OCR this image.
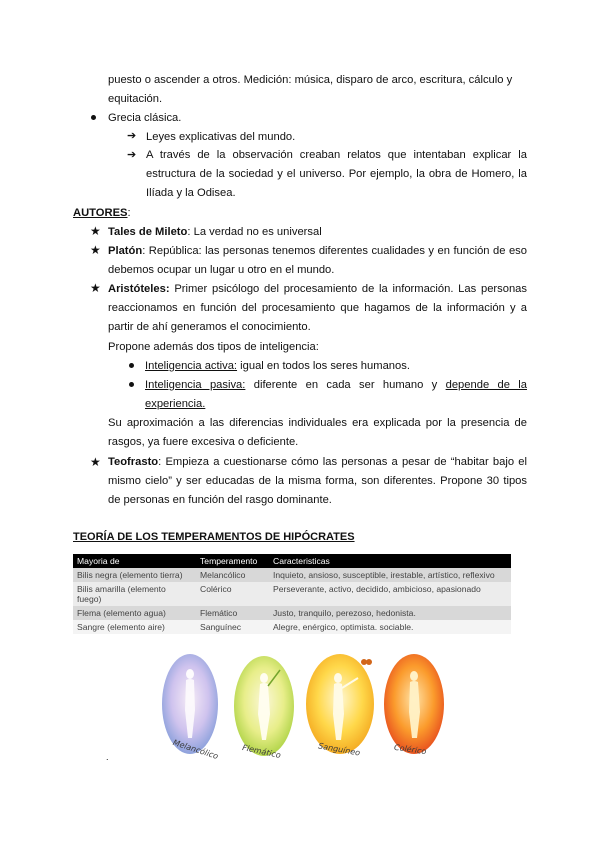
puesto o ascender a otros. Medición: música, disparo de arco, escritura, cálculo y
equitación.
Grecia clásica.
➔ Leyes explicativas del mundo.
➔ A través de la observación creaban relatos que intentaban explicar la estructura de la sociedad y el universo. Por ejemplo, la obra de Homero, la Ilíada y la Odisea.
AUTORES:
★ Tales de Mileto: La verdad no es universal
★ Platón: República: las personas tenemos diferentes cualidades y en función de eso debemos ocupar un lugar u otro en el mundo.
★ Aristóteles: Primer psicólogo del procesamiento de la información. Las personas reaccionamos en función del procesamiento que hagamos de la información y a partir de ahí generamos el conocimiento.
Propone además dos tipos de inteligencia:
Inteligencia activa: igual en todos los seres humanos.
Inteligencia pasiva: diferente en cada ser humano y depende de la experiencia.
Su aproximación a las diferencias individuales era explicada por la presencia de rasgos, ya fuere excesiva o deficiente.
★ Teofrasto: Empieza a cuestionarse cómo las personas a pesar de “habitar bajo el mismo cielo” y ser educadas de la misma forma, son diferentes. Propone 30 tipos de personas en función del rasgo dominante.
TEORÍA DE LOS TEMPERAMENTOS DE HIPÓCRATES
Mayoria de	Temperamento	Caracteristicas
Bilis negra (elemento tierra)	Melancólico	Inquieto, ansioso, susceptible, irestable, artístico, reflexivo
Bilis amarilla (elemento fuego)	Colérico	Perseverante, activo, decidido, ambicioso, apasionado
Flema (elemento agua)	Flemático	Justo, tranquilo, perezoso, hedonista.
Sangre (elemento aire)	Sanguínec	Alegre, enérgico, optimista. sociable.
Melancólico	Flemático	Sanguíneo	Colérico
.
